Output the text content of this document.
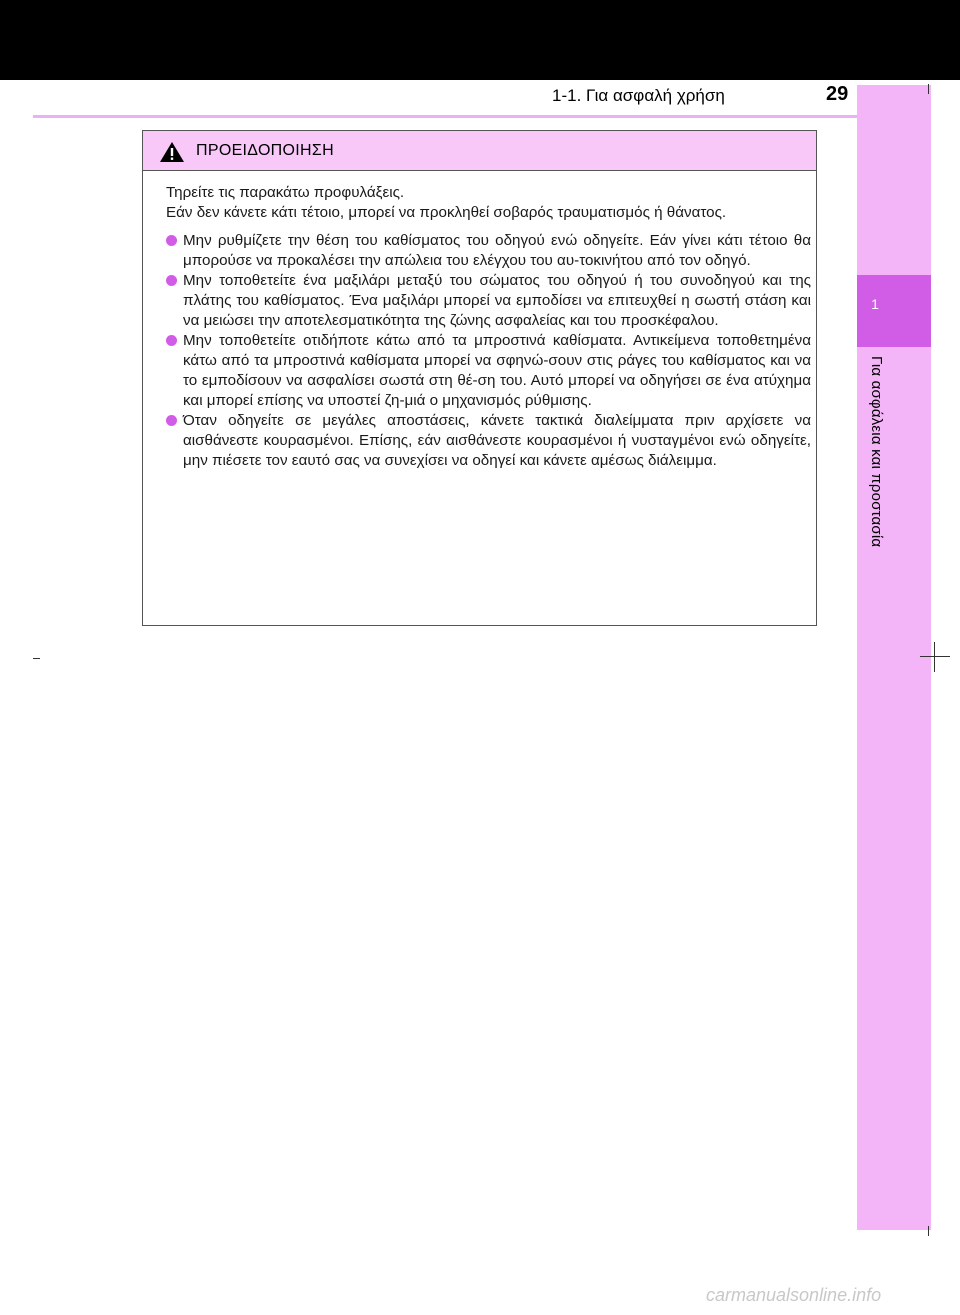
1-1. Για ασφαλή χρήση	29
1
Για ασφάλεια και προστασία
ΠΡΟΕΙΔΟΠΟΙΗΣΗ

Τηρείτε τις παρακάτω προφυλάξεις.
Εάν δεν κάνετε κάτι τέτοιο, μπορεί να προκληθεί σοβαρός τραυματισμός ή θάνατος.

Μην ρυθμίζετε την θέση του καθίσματος του οδηγού ενώ οδηγείτε. Εάν γίνει κάτι τέτοιο θα μπορούσε να προκαλέσει την απώλεια του ελέγχου του αυ-τοκινήτου από τον οδηγό.

Μην τοποθετείτε ένα μαξιλάρι μεταξύ του σώματος του οδηγού ή του συνοδηγού και της πλάτης του καθίσματος. Ένα μαξιλάρι μπορεί να εμποδίσει να επιτευχθεί η σωστή στάση και να μειώσει την αποτελεσματικότητα της ζώνης ασφαλείας και του προσκέφαλου.

Μην τοποθετείτε οτιδήποτε κάτω από τα μπροστινά καθίσματα. Αντικείμενα τοποθετημένα κάτω από τα μπροστινά καθίσματα μπορεί να σφηνώ-σουν στις ράγες του καθίσματος και να το εμποδίσουν να ασφαλίσει σωστά στη θέ-ση του. Αυτό μπορεί να οδηγήσει σε ένα ατύχημα και μπορεί επίσης να υποστεί ζη-μιά ο μηχανισμός ρύθμισης.

Όταν οδηγείτε σε μεγάλες αποστάσεις, κάνετε τακτικά διαλείμματα πριν αρχίσετε να αισθάνεστε κουρασμένοι. Επίσης, εάν αισθάνεστε κουρασμένοι ή νυσταγμένοι ενώ οδηγείτε, μην πιέσετε τον εαυτό σας να συνεχίσει να οδηγεί και κάνετε αμέσως διάλειμμα.

carmanualsonline.info
